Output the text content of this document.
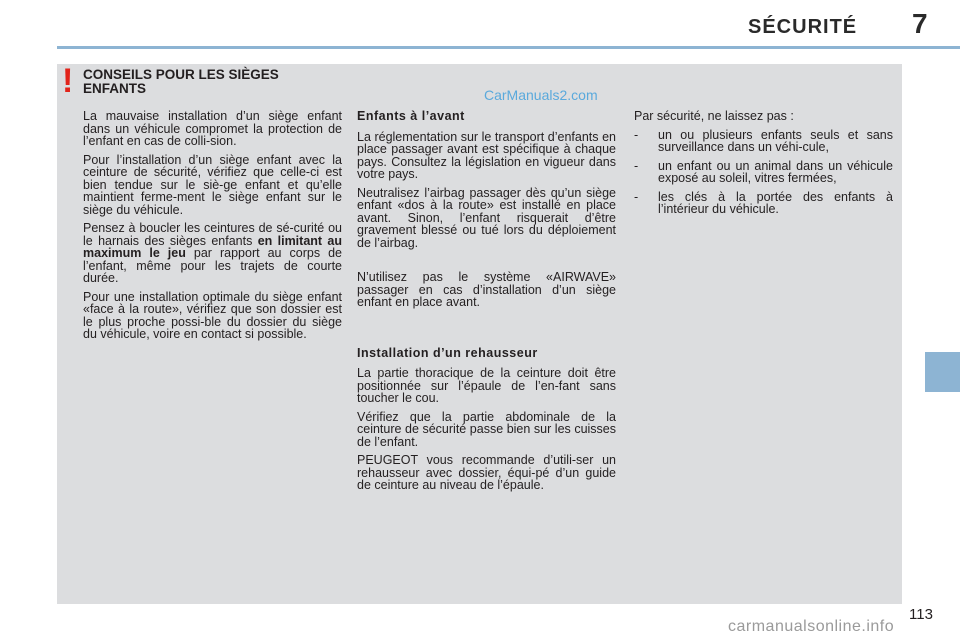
SÉCURITÉ 7
! CONSEILS POUR LES SIÈGES
ENFANTS	CarManuals2.com

La mauvaise installation d’un siège enfant dans un véhicule compromet la protection de l’enfant en cas de colli-sion.

Pour l’installation d’un siège enfant avec la ceinture de sécurité, vérifiez que celle-ci est bien tendue sur le siè-ge enfant et qu’elle maintient ferme-ment le siège enfant sur le siège du véhicule.

Pensez à boucler les ceintures de sé-curité ou le harnais des sièges enfants en limitant au maximum le jeu par rapport au corps de l’enfant, même pour les trajets de courte durée.

Pour une installation optimale du siège enfant «face à la route», vérifiez que son dossier est le plus proche possi-ble du dossier du siège du véhicule, voire en contact si possible.

Enfants à l’avant

La réglementation sur le transport d’enfants en place passager avant est spécifique à chaque pays. Consultez la législation en vigueur dans votre pays.

Neutralisez l’airbag passager dès qu’un siège enfant «dos à la route» est installé en place avant. Sinon, l’enfant risquerait d’être gravement blessé ou tué lors du déploiement de l’airbag.

N’utilisez pas le système «AIRWAVE» passager en cas d’installation d’un siège enfant en place avant.

Installation d’un rehausseur

La partie thoracique de la ceinture doit être positionnée sur l’épaule de l’en-fant sans toucher le cou.

Vérifiez que la partie abdominale de la ceinture de sécurité passe bien sur les cuisses de l’enfant.

PEUGEOT vous recommande d’utili-ser un rehausseur avec dossier, équi-pé d’un guide de ceinture au niveau de l’épaule.

Par sécurité, ne laissez pas :

- un ou plusieurs enfants seuls et sans surveillance dans un véhi-cule,
- un enfant ou un animal dans un véhicule exposé au soleil, vitres fermées,
- les clés à la portée des enfants à l’intérieur du véhicule.
113
carmanualsonline.info
